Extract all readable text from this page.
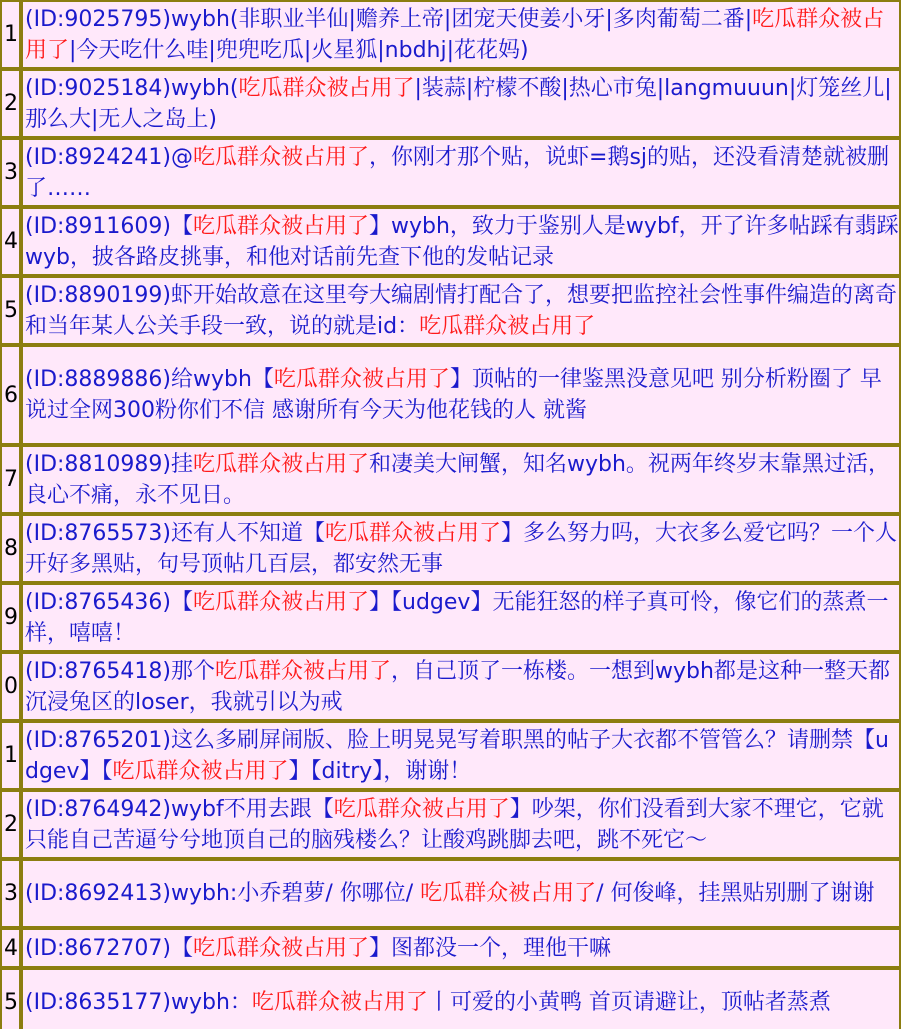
1	(ID:9025795)wybh(非职业半仙|赡养上帝|团宠天使姜小牙|多肉葡萄二番|吃瓜群众被占用了|今天吃什么哇|兜兜吃瓜|火星狐|nbdhj|花花妈)
2	(ID:9025184)wybh(吃瓜群众被占用了|装蒜|柠檬不酸|热心市兔|langmuuun|灯笼丝儿|那么大|无人之岛上)
3	(ID:8924241)@吃瓜群众被占用了，你刚才那个贴，说虾=鹅sj的贴，还没看清楚就被删了……
4	(ID:8911609)【吃瓜群众被占用了】wybh，致力于鉴别人是wybf，开了许多帖踩有翡踩wyb，披各路皮挑事，和他对话前先查下他的发帖记录
5	(ID:8890199)虾开始故意在这里夸大编剧情打配合了，想要把监控社会性事件编造的离奇和当年某人公关手段一致，说的就是id：吃瓜群众被占用了
6	(ID:8889886)给wybh【吃瓜群众被占用了】顶帖的一律鉴黑没意见吧 别分析粉圈了 早说过全网300粉你们不信 感谢所有今天为他花钱的人 就酱
7	(ID:8810989)挂吃瓜群众被占用了和凄美大闸蟹，知名wybh。祝两年终岁末靠黑过活，良心不痛，永不见日。
8	(ID:8765573)还有人不知道【吃瓜群众被占用了】多么努力吗，大衣多么爱它吗？一个人开好多黑贴，句号顶帖几百层，都安然无事
9	(ID:8765436)【吃瓜群众被占用了】【udgev】无能狂怒的样子真可怜，像它们的蒸煮一样，嘻嘻！
0	(ID:8765418)那个吃瓜群众被占用了，自己顶了一栋楼。一想到wybh都是这种一整天都沉浸兔区的loser，我就引以为戒
1	(ID:8765201)这么多刷屏闹版、脸上明晃晃写着职黑的帖子大衣都不管管么？请删禁【udgev】【吃瓜群众被占用了】【ditry】，谢谢！
2	(ID:8764942)wybf不用去跟【吃瓜群众被占用了】吵架，你们没看到大家不理它，它就只能自己苦逼兮兮地顶自己的脑残楼么？让酸鸡跳脚去吧，跳不死它～
3	(ID:8692413)wybh:小乔碧萝/ 你哪位/ 吃瓜群众被占用了/ 何俊峰，挂黑贴别删了谢谢
4	(ID:8672707)【吃瓜群众被占用了】图都没一个，理他干嘛
5	(ID:8635177)wybh：吃瓜群众被占用了丨可爱的小黄鸭 首页请避让，顶帖者蒸煮
